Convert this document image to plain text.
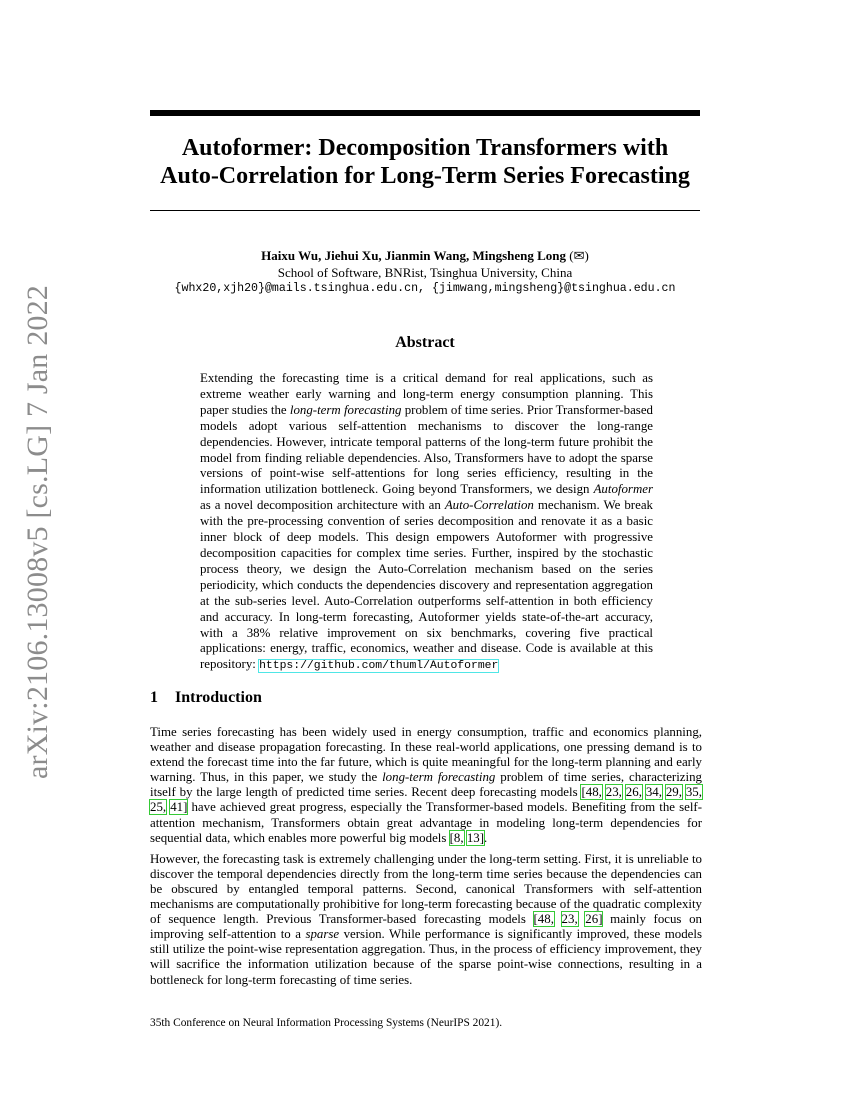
arXiv:2106.13008v5 [cs.LG] 7 Jan 2022
Autoformer: Decomposition Transformers with
Auto-Correlation for Long-Term Series Forecasting
Haixu Wu, Jiehui Xu, Jianmin Wang, Mingsheng Long (✉)
School of Software, BNRist, Tsinghua University, China
{whx20,xjh20}@mails.tsinghua.edu.cn, {jimwang,mingsheng}@tsinghua.edu.cn
Abstract

Extending the forecasting time is a critical demand for real applications, such as extreme weather early warning and long-term energy consumption planning. This paper studies the long-term forecasting problem of time series. Prior Transformer-based models adopt various self-attention mechanisms to discover the long-range dependencies. However, intricate temporal patterns of the long-term future prohibit the model from finding reliable dependencies. Also, Transformers have to adopt the sparse versions of point-wise self-attentions for long series efficiency, resulting in the information utilization bottleneck. Going beyond Transformers, we design Autoformer as a novel decomposition architecture with an Auto-Correlation mechanism. We break with the pre-processing convention of series decomposition and renovate it as a basic inner block of deep models. This design empowers Autoformer with progressive decomposition capacities for complex time series. Further, inspired by the stochastic process theory, we design the Auto-Correlation mechanism based on the series periodicity, which conducts the dependencies discovery and representation aggregation at the sub-series level. Auto-Correlation outperforms self-attention in both efficiency and accuracy. In long-term forecasting, Autoformer yields state-of-the-art accuracy, with a 38% relative improvement on six benchmarks, covering five practical applications: energy, traffic, economics, weather and disease. Code is available at this repository: https://github.com/thuml/Autoformer

1 Introduction

Time series forecasting has been widely used in energy consumption, traffic and economics planning, weather and disease propagation forecasting. In these real-world applications, one pressing demand is to extend the forecast time into the far future, which is quite meaningful for the long-term planning and early warning. Thus, in this paper, we study the long-term forecasting problem of time series, characterizing itself by the large length of predicted time series. Recent deep forecasting models [48, 23, 26, 34, 29, 35, 25, 41] have achieved great progress, especially the Transformer-based models. Benefiting from the self-attention mechanism, Transformers obtain great advantage in modeling long-term dependencies for sequential data, which enables more powerful big models [8, 13].

However, the forecasting task is extremely challenging under the long-term setting. First, it is unreliable to discover the temporal dependencies directly from the long-term time series because the dependencies can be obscured by entangled temporal patterns. Second, canonical Transformers with self-attention mechanisms are computationally prohibitive for long-term forecasting because of the quadratic complexity of sequence length. Previous Transformer-based forecasting models [48, 23, 26] mainly focus on improving self-attention to a sparse version. While performance is significantly improved, these models still utilize the point-wise representation aggregation. Thus, in the process of efficiency improvement, they will sacrifice the information utilization because of the sparse point-wise connections, resulting in a bottleneck for long-term forecasting of time series.

35th Conference on Neural Information Processing Systems (NeurIPS 2021).
